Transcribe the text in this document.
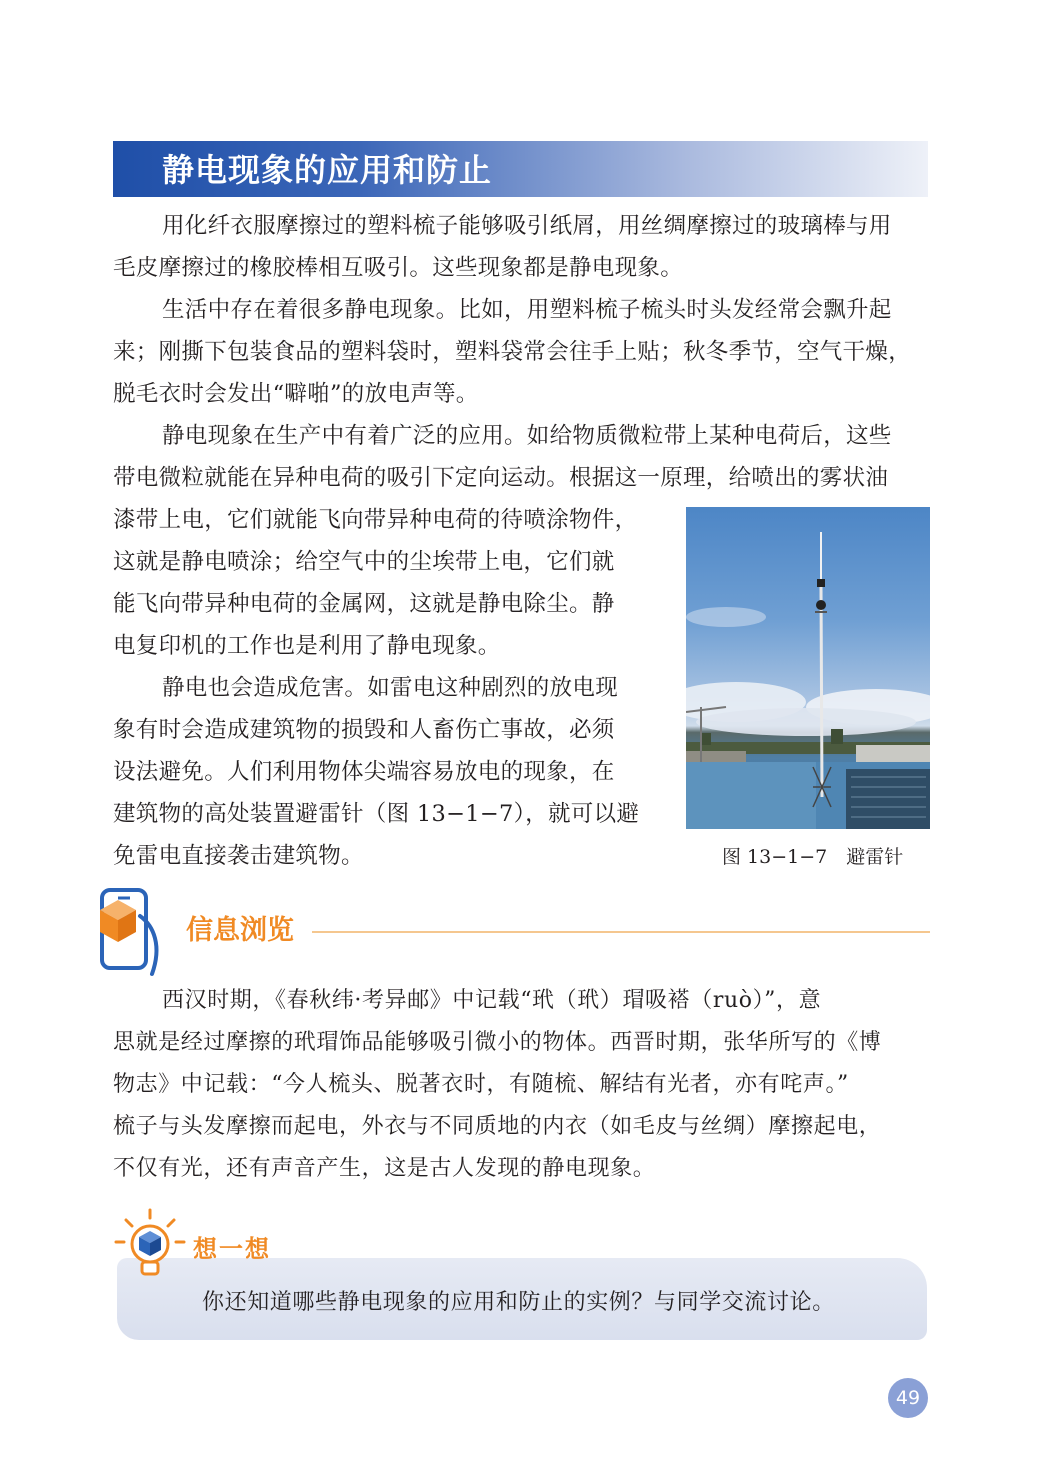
静电现象的应用和防止
用化纤衣服摩擦过的塑料梳子能够吸引纸屑，用丝绸摩擦过的玻璃棒与用
毛皮摩擦过的橡胶棒相互吸引。这些现象都是静电现象。
生活中存在着很多静电现象。比如，用塑料梳子梳头时头发经常会飘升起
来；刚撕下包装食品的塑料袋时，塑料袋常会往手上贴；秋冬季节，空气干燥，
脱毛衣时会发出“噼啪”的放电声等。
静电现象在生产中有着广泛的应用。如给物质微粒带上某种电荷后，这些
带电微粒就能在异种电荷的吸引下定向运动。根据这一原理，给喷出的雾状油
漆带上电，它们就能飞向带异种电荷的待喷涂物件，
这就是静电喷涂；给空气中的尘埃带上电，它们就
能飞向带异种电荷的金属网，这就是静电除尘。静
电复印机的工作也是利用了静电现象。
静电也会造成危害。如雷电这种剧烈的放电现
象有时会造成建筑物的损毁和人畜伤亡事故，必须
设法避免。人们利用物体尖端容易放电的现象，在
建筑物的高处装置避雷针（图 13−1−7），就可以避
免雷电直接袭击建筑物。	图 13−1−7　避雷针
信息浏览
西汉时期，《春秋纬·考异邮》中记载“玳（玳）瑁吸褡（ruò）”，意
思就是经过摩擦的玳瑁饰品能够吸引微小的物体。西晋时期，张华所写的《博
物志》中记载：“今人梳头、脱著衣时，有随梳、解结有光者，亦有咤声。”
梳子与头发摩擦而起电，外衣与不同质地的内衣（如毛皮与丝绸）摩擦起电，
不仅有光，还有声音产生，这是古人发现的静电现象。
想一想
你还知道哪些静电现象的应用和防止的实例？与同学交流讨论。
49
